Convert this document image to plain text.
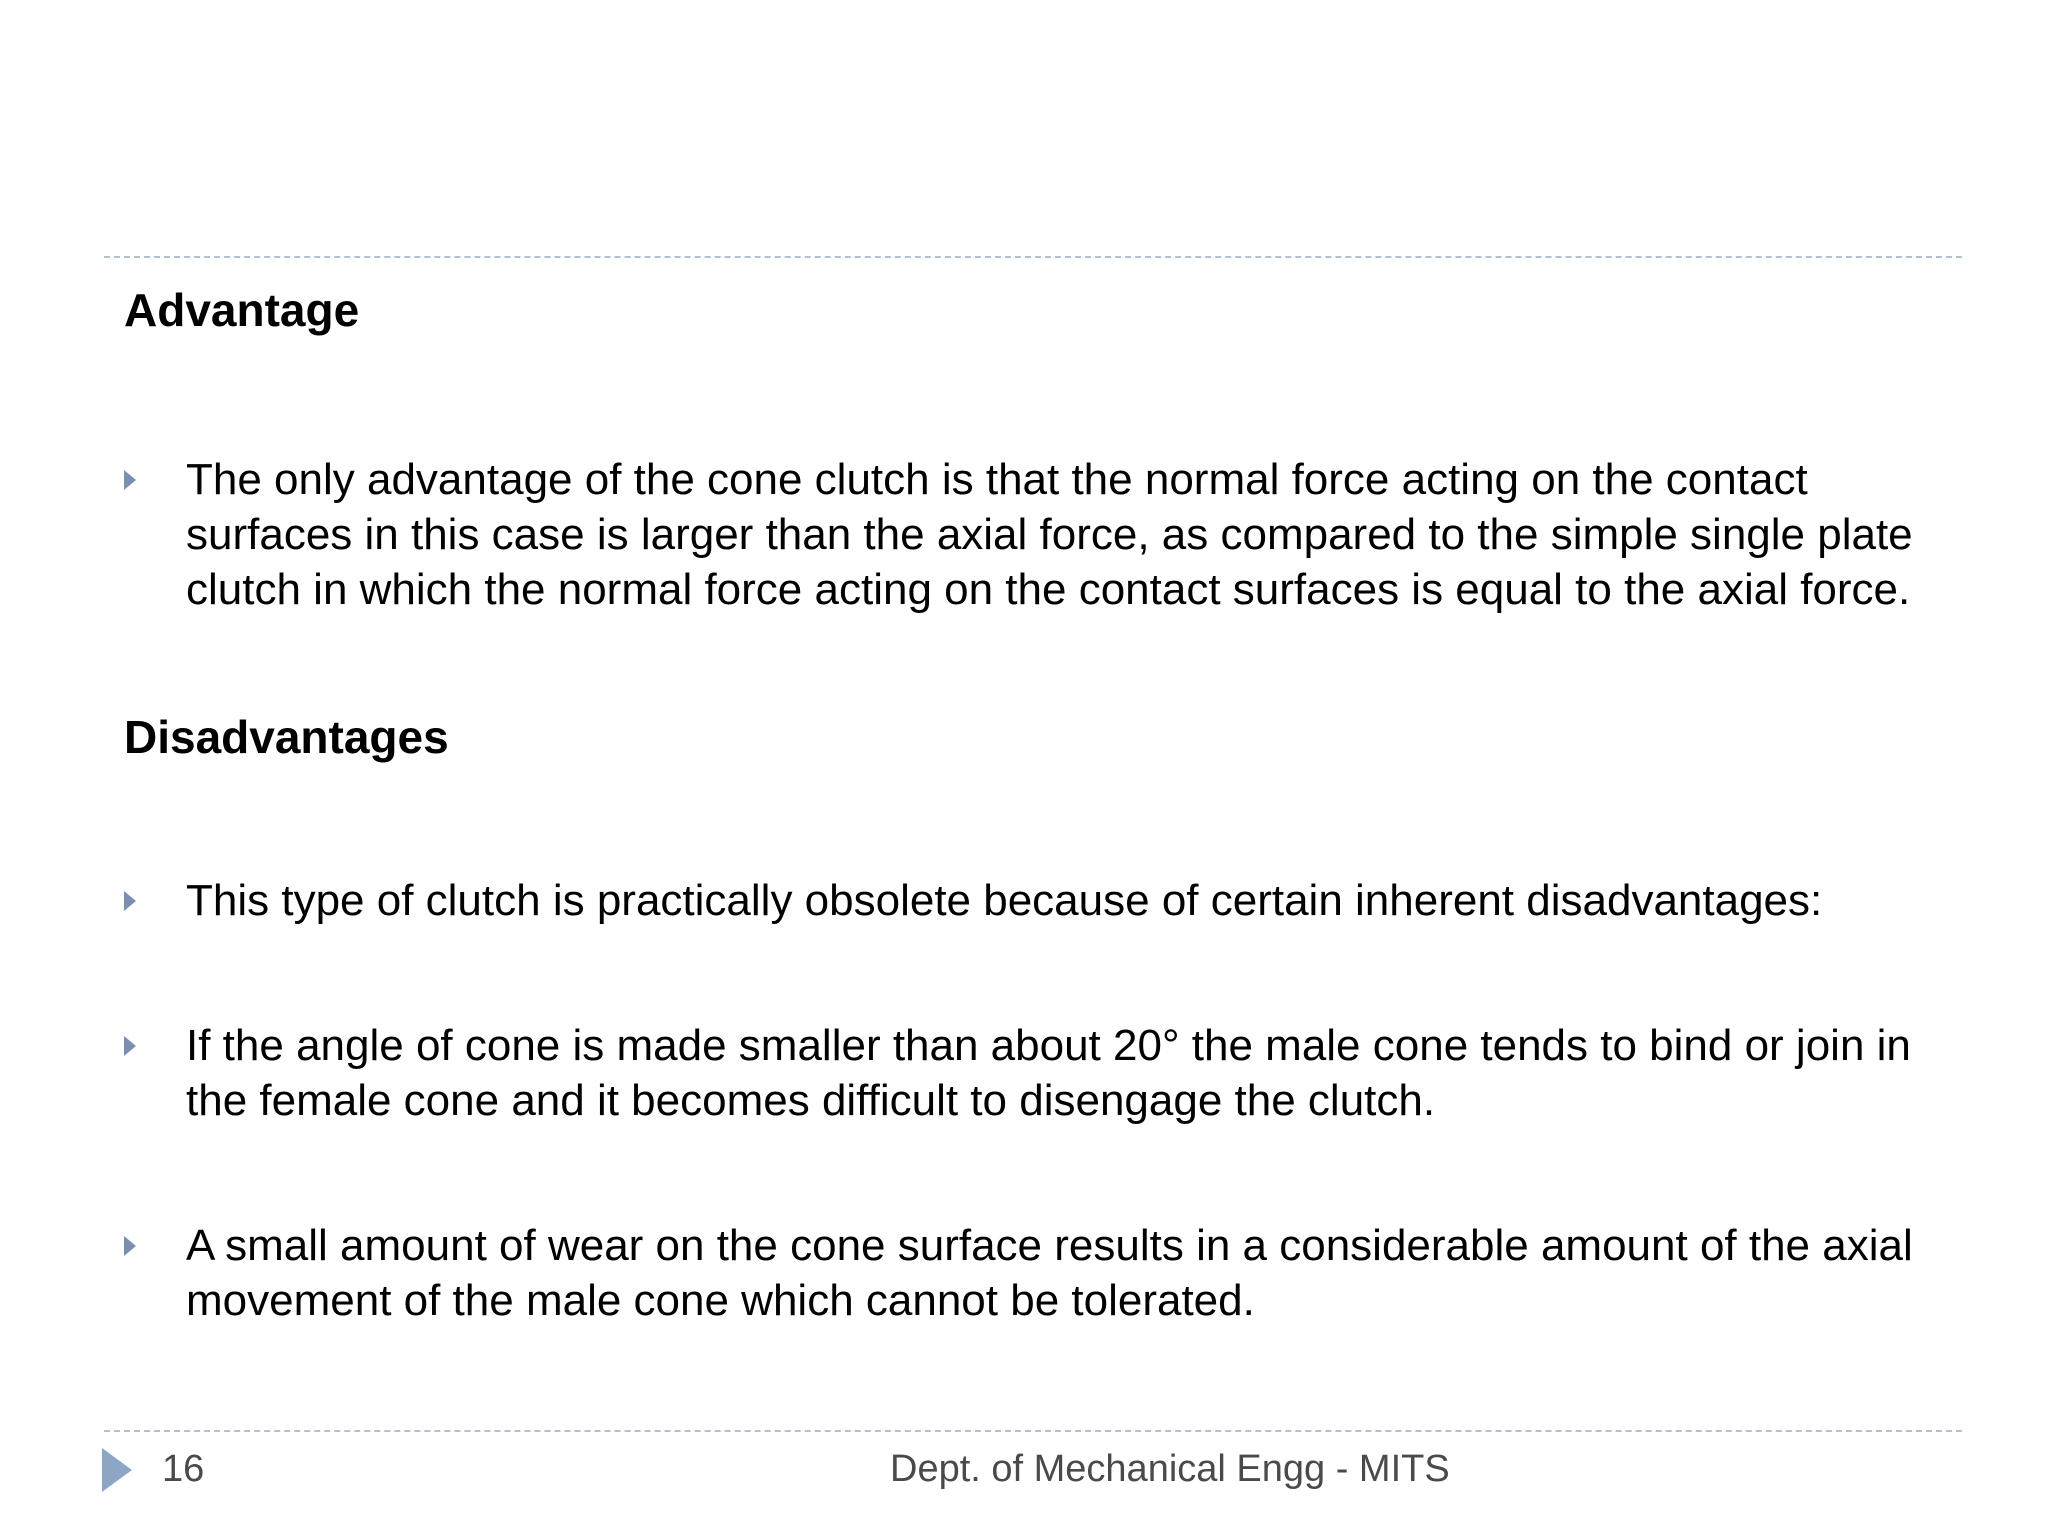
Advantage

The only advantage of the cone clutch is that the normal force acting on the contact surfaces in this case is larger than the axial force, as compared to the simple single plate clutch in which the normal force acting on the contact surfaces is equal to the axial force.

Disadvantages

This type of clutch is practically obsolete because of certain inherent disadvantages:

If the angle of cone is made smaller than about 20° the male cone tends to bind or join in the female cone and it becomes difficult to disengage the clutch.

A small amount of wear on the cone surface results in a considerable amount of the axial movement of the male cone which cannot be tolerated.

16	Dept. of Mechanical Engg - MITS
